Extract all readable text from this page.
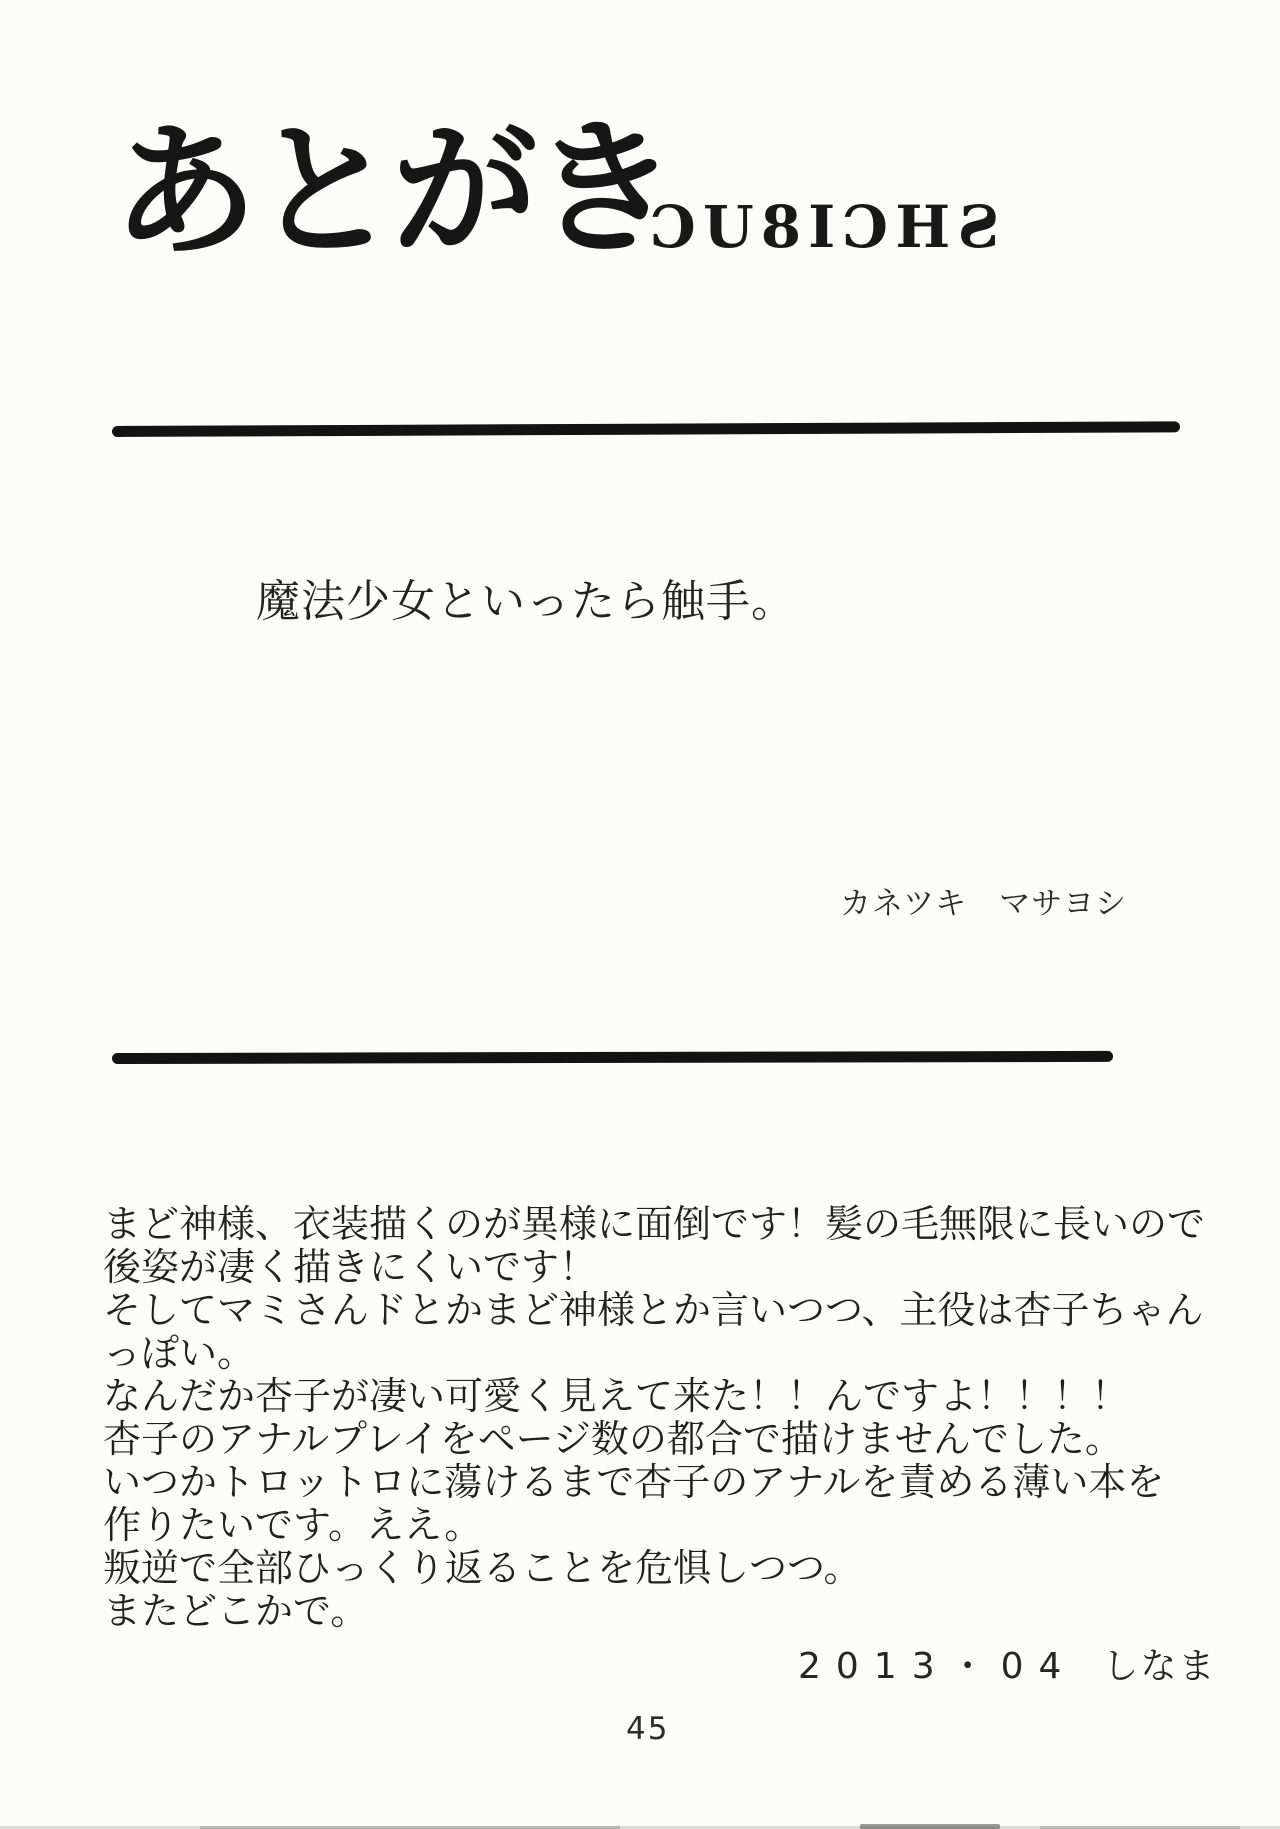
あとがき
ƆU8IƆHƧ
魔法少女といったら触手。
カネツキ　マサヨシ
まど神様、衣装描くのが異様に面倒です！髪の毛無限に長いので
後姿が凄く描きにくいです！
そしてマミさんドとかまど神様とか言いつつ、主役は杏子ちゃん
っぽい。
なんだか杏子が凄い可愛く見えて来た！！んですよ！！！！
杏子のアナルプレイをページ数の都合で描けませんでした。
いつかトロットロに蕩けるまで杏子のアナルを責める薄い本を
作りたいです。ええ。
叛逆で全部ひっくり返ることを危惧しつつ。
またどこかで。
2013・04 しなま
45
